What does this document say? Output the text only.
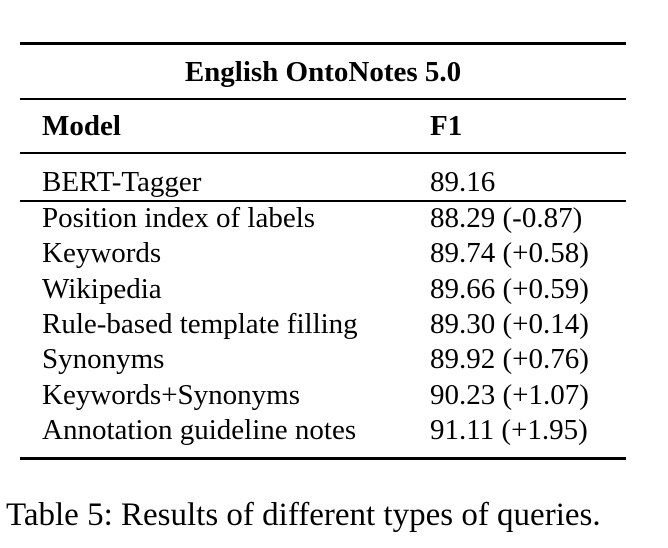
English OntoNotes 5.0
Model	F1
BERT-Tagger	89.16
Position index of labels	88.29 (-0.87)
Keywords	89.74 (+0.58)
Wikipedia	89.66 (+0.59)
Rule-based template filling 89.30 (+0.14)
Synonyms	89.92 (+0.76)
Keywords+Synonyms	90.23 (+1.07)
Annotation guideline notes	91.11 (+1.95)
Table 5: Results of different types of queries.
